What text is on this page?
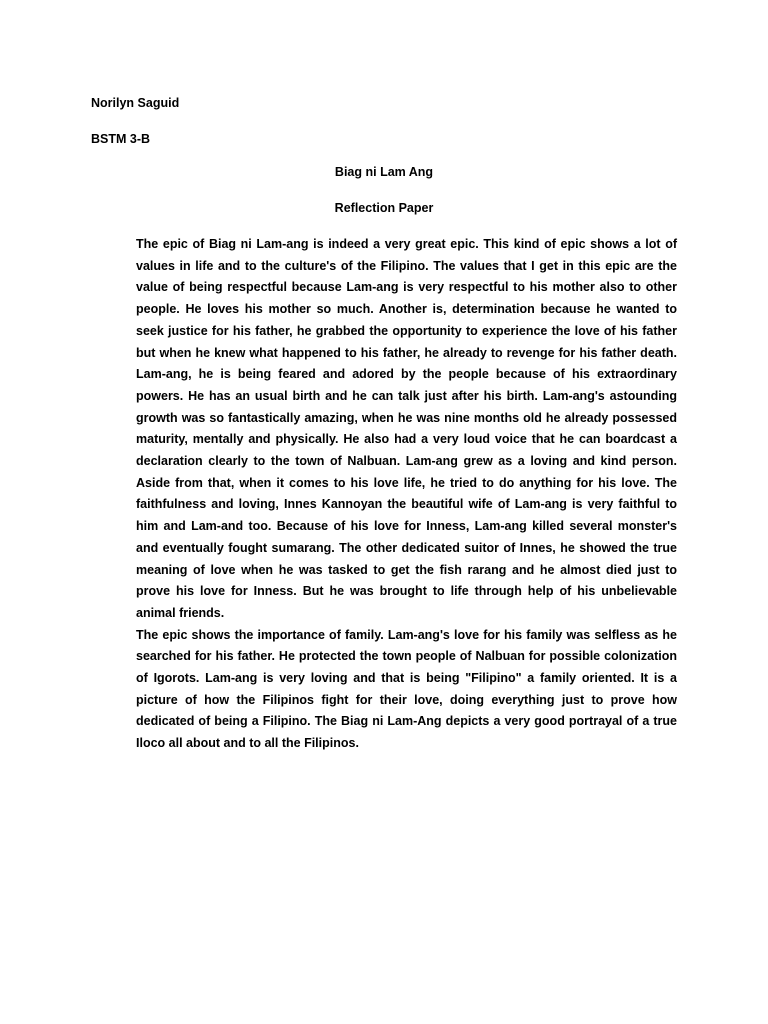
Norilyn Saguid
BSTM 3-B
Biag ni Lam Ang
Reflection Paper

The epic of Biag ni Lam-ang is indeed a very great epic. This kind of epic shows a lot of values in life and to the culture's of the Filipino. The values that I get in this epic are the value of being respectful because Lam-ang is very respectful to his mother also to other people. He loves his mother so much. Another is, determination because he wanted to seek justice for his father, he grabbed the opportunity to experience the love of his father but when he knew what happened to his father, he already to revenge for his father death. Lam-ang, he is being feared and adored by the people because of his extraordinary powers. He has an usual birth and he can talk just after his birth. Lam-ang's astounding growth was so fantastically amazing, when he was nine months old he already possessed maturity, mentally and physically. He also had a very loud voice that he can boardcast a declaration clearly to the town of Nalbuan. Lam-ang grew as a loving and kind person. Aside from that, when it comes to his love life, he tried to do anything for his love. The faithfulness and loving, Innes Kannoyan the beautiful wife of Lam-ang is very faithful to him and Lam-and too. Because of his love for Inness, Lam-ang killed several monster's and eventually fought sumarang. The other dedicated suitor of Innes, he showed the true meaning of love when he was tasked to get the fish rarang and he almost died just to prove his love for Inness. But he was brought to life through help of his unbelievable animal friends.

The epic shows the importance of family. Lam-ang's love for his family was selfless as he searched for his father. He protected the town people of Nalbuan for possible colonization of Igorots. Lam-ang is very loving and that is being "Filipino" a family oriented. It is a picture of how the Filipinos fight for their love, doing everything just to prove how dedicated of being a Filipino. The Biag ni Lam-Ang depicts a very good portrayal of a true Iloco all about and to all the Filipinos.
